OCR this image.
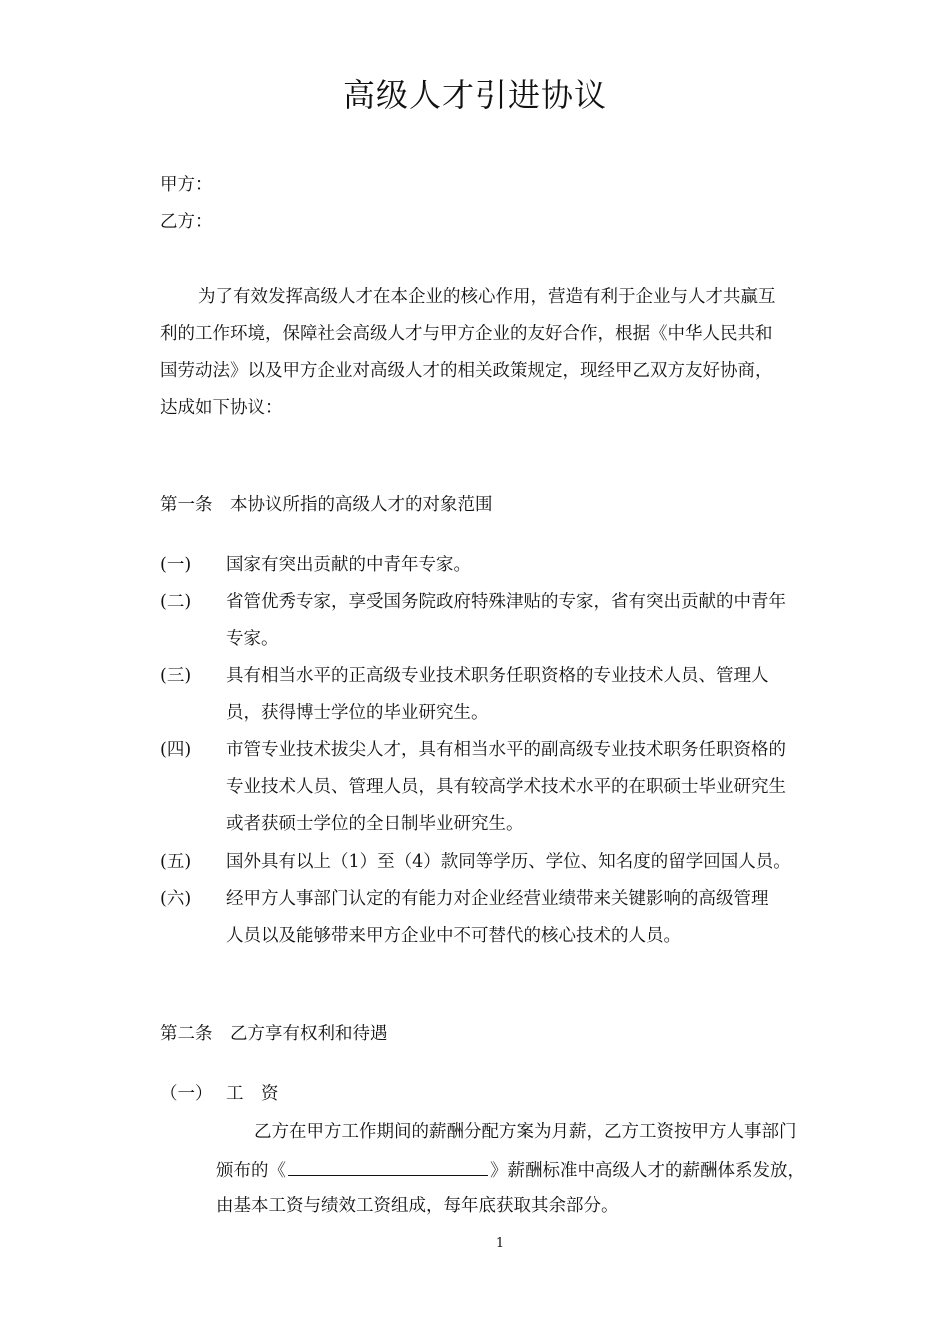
高级人才引进协议
甲方：
乙方：
为了有效发挥高级人才在本企业的核心作用，营造有利于企业与人才共赢互
利的工作环境，保障社会高级人才与甲方企业的友好合作，根据《中华人民共和
国劳动法》以及甲方企业对高级人才的相关政策规定，现经甲乙双方友好协商，
达成如下协议：
第一条　本协议所指的高级人才的对象范围
(一) 国家有突出贡献的中青年专家。
(二) 省管优秀专家，享受国务院政府特殊津贴的专家，省有突出贡献的中青年
专家。
(三) 具有相当水平的正高级专业技术职务任职资格的专业技术人员、管理人
员，获得博士学位的毕业研究生。
(四) 市管专业技术拔尖人才，具有相当水平的副高级专业技术职务任职资格的
专业技术人员、管理人员，具有较高学术技术水平的在职硕士毕业研究生
或者获硕士学位的全日制毕业研究生。
(五) 国外具有以上（1）至（4）款同等学历、学位、知名度的留学回国人员。
(六) 经甲方人事部门认定的有能力对企业经营业绩带来关键影响的高级管理
人员以及能够带来甲方企业中不可替代的核心技术的人员。
第二条　乙方享有权利和待遇
（一） 工　资
乙方在甲方工作期间的薪酬分配方案为月薪，乙方工资按甲方人事部门
颁布的《	》薪酬标准中高级人才的薪酬体系发放，
由基本工资与绩效工资组成，每年底获取其余部分。
1
